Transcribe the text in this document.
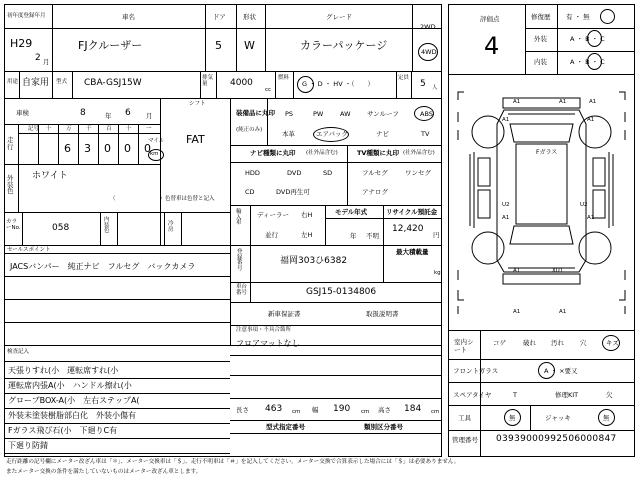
初年度登録年月	車名	ドア	形状	グレード
2WD
4WD
H29
2 月
FJクルーザー	5 W	カラーパッケージ
用途 自家用 型式 CBA-GSJ15W	排気量	4000
cc
燃料
G ・ D ・ HV ・（　　）
定員
5 人
車検	8	年 6 月
シフト
FAT
走行
記号 十	万
6
千
3
百
0
十
0
一
0
マイル
km
外装色
ホワイト
（　　　　　　　　）色替車は色替と記入
カラーNo.	058
内装色
冷房
セールスポイント
JACSバンパー　純正ナビ　フルセグ　バックカメラ
検査記入
天張りすれ(小　運転席すれ(小
運転席内張A(小　ハンドル擦れ(小
グローブBOX-A(小　左右ステップA(
外装未塗装樹脂部白化　外装小傷有
Fガラス飛び石(小　下廻りC有
下廻り防錆
装備品に丸印
(純正のみ)
PS	PW	AW	サンルーフ	ABS
本革	エアバック	ナビ	TV
ナビ種類に丸印 (社外品含む)	TV種類に丸印 (社外品含む)
HDD	DVD	SD
CD	DVD再生可
フルセグ	ワンセグ
アナログ
輸入車
ディーラー 右H
並行	左H
モデル年式
年 不明
リサイクル預託金
12,420
円
登録番号
福岡303ひ6382
最大積載量
kg
車台番号	GSJ15-0134806
新車保証書	取扱説明書
注意事項・不具合箇所
フロアマットなし
長さ 463 cm 幅 190 cm 高さ 184 cm
型式指定番号	類別区分番号
評価点
4
修復歴 有 ・ 無
外装	A ・ B ・ C
内装	A ・ B ・ C
Fガラス
A1	A1
U2
A1	XU1
A1
U2
A1	A1
A1	A1
A1
A1
室内シート
コゲ	破れ 汚れ 穴	キズ
フロントガラス	A ・ ×要又
スペアタイヤ	T	修理KIT	欠
工具	無	ジャッキ	無
管理番号 03939000992506000847
走行距離の記号欄にメーター改ざん車は「＊」、メーター交換車は「＄」、走行不明車は「＃」を記入してください。メーター交換で合算表示した場合には「＄」は必要ありません。
またメーター交換の条件を満たしていないものはメーター改ざん車とします。
